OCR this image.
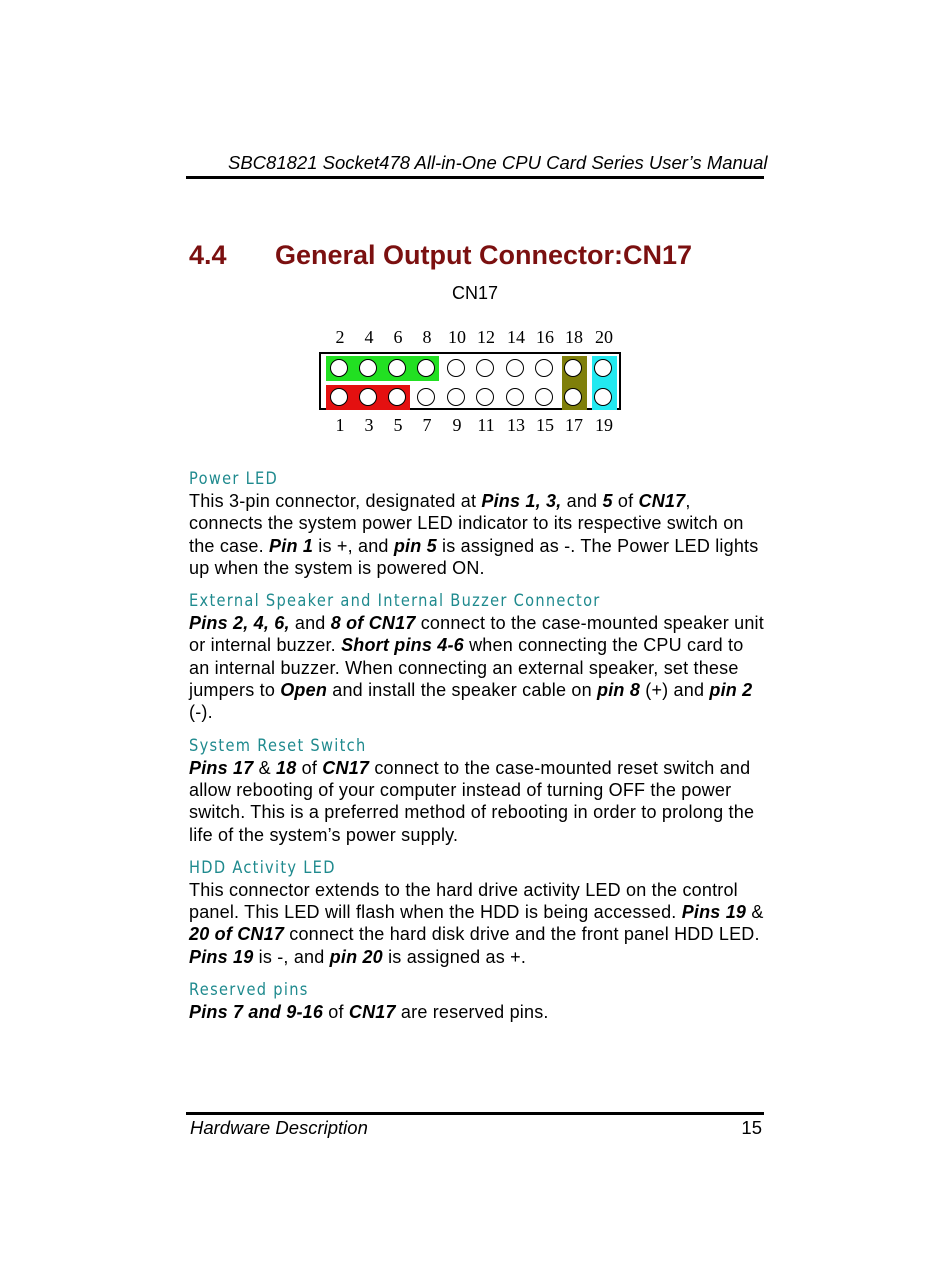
SBC81821 Socket478 All-in-One CPU Card Series User’s Manual
4.4 General Output Connector:CN17
CN17
2	4	6	8 10 12 14 16 18 20
1	3	5	7	9 11 13 15 17 19
Power LED
This 3-pin connector, designated at Pins 1, 3, and 5 of CN17, connects the system power LED indicator to its respective switch on the case. Pin 1 is +, and pin 5 is assigned as -. The Power LED lights up when the system is powered ON.
External Speaker and Internal Buzzer Connector
Pins 2, 4, 6, and 8 of CN17 connect to the case-mounted speaker unit or internal buzzer. Short pins 4-6 when connecting the CPU card to an internal buzzer. When connecting an external speaker, set these jumpers to Open and install the speaker cable on pin 8 (+) and pin 2 (-).
System Reset Switch
Pins 17 & 18 of CN17 connect to the case-mounted reset switch and allow rebooting of your computer instead of turning OFF the power switch. This is a preferred method of rebooting in order to prolong the life of the system’s power supply.
HDD Activity LED
This connector extends to the hard drive activity LED on the control panel. This LED will flash when the HDD is being accessed. Pins 19 & 20 of CN17 connect the hard disk drive and the front panel HDD LED. Pins 19 is -, and pin 20 is assigned as +.
Reserved pins
Pins 7 and 9-16 of CN17 are reserved pins.
Hardware Description	15
